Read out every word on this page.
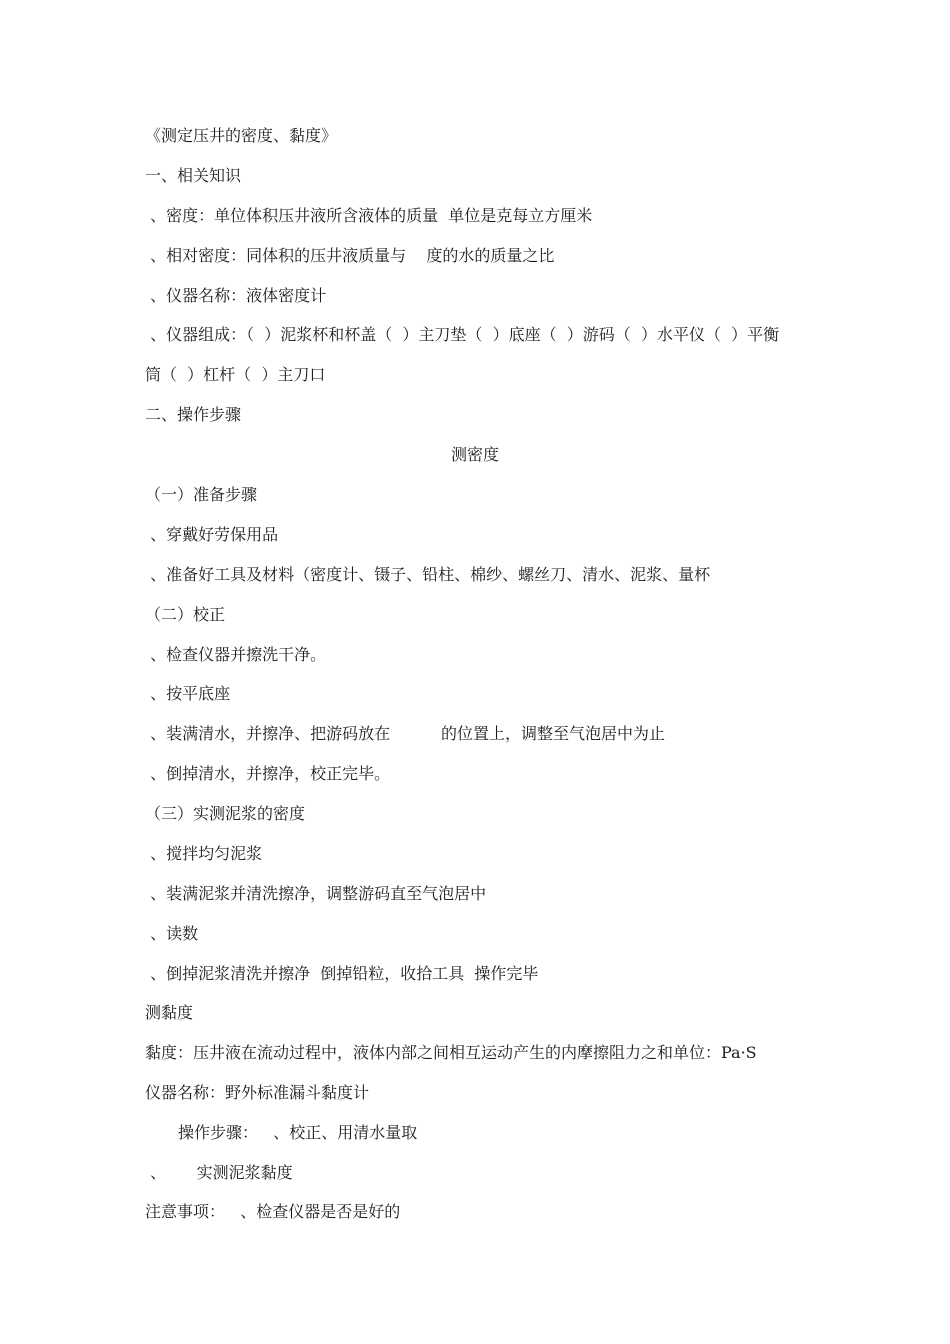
《测定压井的密度、黏度》
一、相关知识
、密度：单位体积压井液所含液体的质量  单位是克每立方厘米
、相对密度：同体积的压井液质量与    度的水的质量之比
、仪器名称：液体密度计
、仪器组成：（  ）泥浆杯和杯盖（  ）主刀垫（  ）底座（  ）游码（  ）水平仪（  ）平衡
筒（  ）杠杆（  ）主刀口
二、操作步骤
测密度
（一）准备步骤
、穿戴好劳保用品
、准备好工具及材料（密度计、镊子、铅柱、棉纱、螺丝刀、清水、泥浆、量杯
（二）校正
、检查仪器并擦洗干净。
、按平底座
、装满清水，并擦净、把游码放在          的位置上，调整至气泡居中为止
、倒掉清水，并擦净，校正完毕。
（三）实测泥浆的密度
、搅拌均匀泥浆
、装满泥浆并清洗擦净，调整游码直至气泡居中
、读数
、倒掉泥浆清洗并擦净  倒掉铅粒，收拾工具  操作完毕
测黏度
黏度：压井液在流动过程中，液体内部之间相互运动产生的内摩擦阻力之和单位：Pa·S
仪器名称：野外标准漏斗黏度计
操作步骤：   、校正、用清水量取
、      实测泥浆黏度
注意事项：   、检查仪器是否是好的
